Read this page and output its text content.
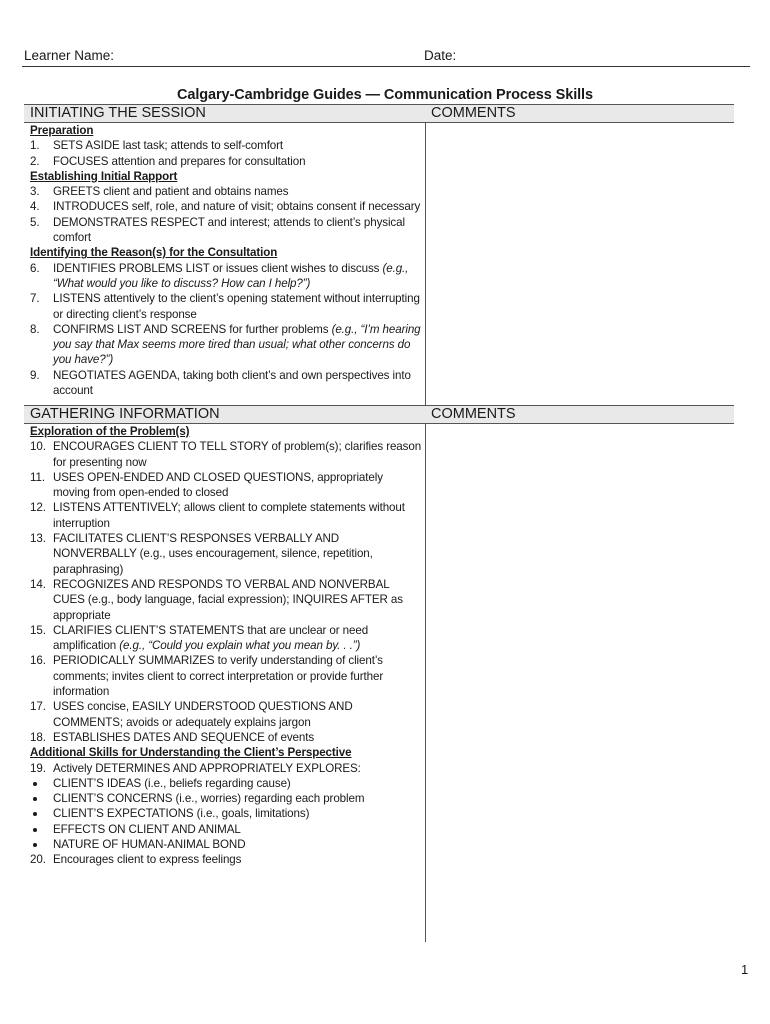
Learner Name:	Date:
Calgary-Cambridge Guides — Communication Process Skills
INITIATING THE SESSION	COMMENTS
Preparation
1. SETS ASIDE last task; attends to self-comfort
2. FOCUSES attention and prepares for consultation
Establishing Initial Rapport
3. GREETS client and patient and obtains names
4. INTRODUCES self, role, and nature of visit; obtains consent if necessary
5. DEMONSTRATES RESPECT and interest; attends to client’s physical comfort
Identifying the Reason(s) for the Consultation
6. IDENTIFIES PROBLEMS LIST or issues client wishes to discuss (e.g., “What would you like to discuss? How can I help?”)
7. LISTENS attentively to the client’s opening statement without interrupting or directing client’s response
8. CONFIRMS LIST AND SCREENS for further problems (e.g., “I’m hearing you say that Max seems more tired than usual; what other concerns do you have?”)
9. NEGOTIATES AGENDA, taking both client’s and own perspectives into account
GATHERING INFORMATION	COMMENTS
Exploration of the Problem(s)
10. ENCOURAGES CLIENT TO TELL STORY of problem(s); clarifies reason for presenting now
11. USES OPEN-ENDED AND CLOSED QUESTIONS, appropriately moving from open-ended to closed
12. LISTENS ATTENTIVELY; allows client to complete statements without interruption
13. FACILITATES CLIENT’S RESPONSES VERBALLY AND NONVERBALLY (e.g., uses encouragement, silence, repetition, paraphrasing)
14. RECOGNIZES AND RESPONDS TO VERBAL AND NONVERBAL CUES (e.g., body language, facial expression); INQUIRES AFTER as appropriate
15. CLARIFIES CLIENT’S STATEMENTS that are unclear or need amplification (e.g., “Could you explain what you mean by. . .”)
16. PERIODICALLY SUMMARIZES to verify understanding of client’s comments; invites client to correct interpretation or provide further information
17. USES concise, EASILY UNDERSTOOD QUESTIONS AND COMMENTS; avoids or adequately explains jargon
18. ESTABLISHES DATES AND SEQUENCE of events
Additional Skills for Understanding the Client’s Perspective
19. Actively DETERMINES AND APPROPRIATELY EXPLORES:
CLIENT’S IDEAS (i.e., beliefs regarding cause)
CLIENT’S CONCERNS (i.e., worries) regarding each problem
CLIENT’S EXPECTATIONS (i.e., goals, limitations)
EFFECTS ON CLIENT AND ANIMAL
NATURE OF HUMAN-ANIMAL BOND
20. Encourages client to express feelings
1
